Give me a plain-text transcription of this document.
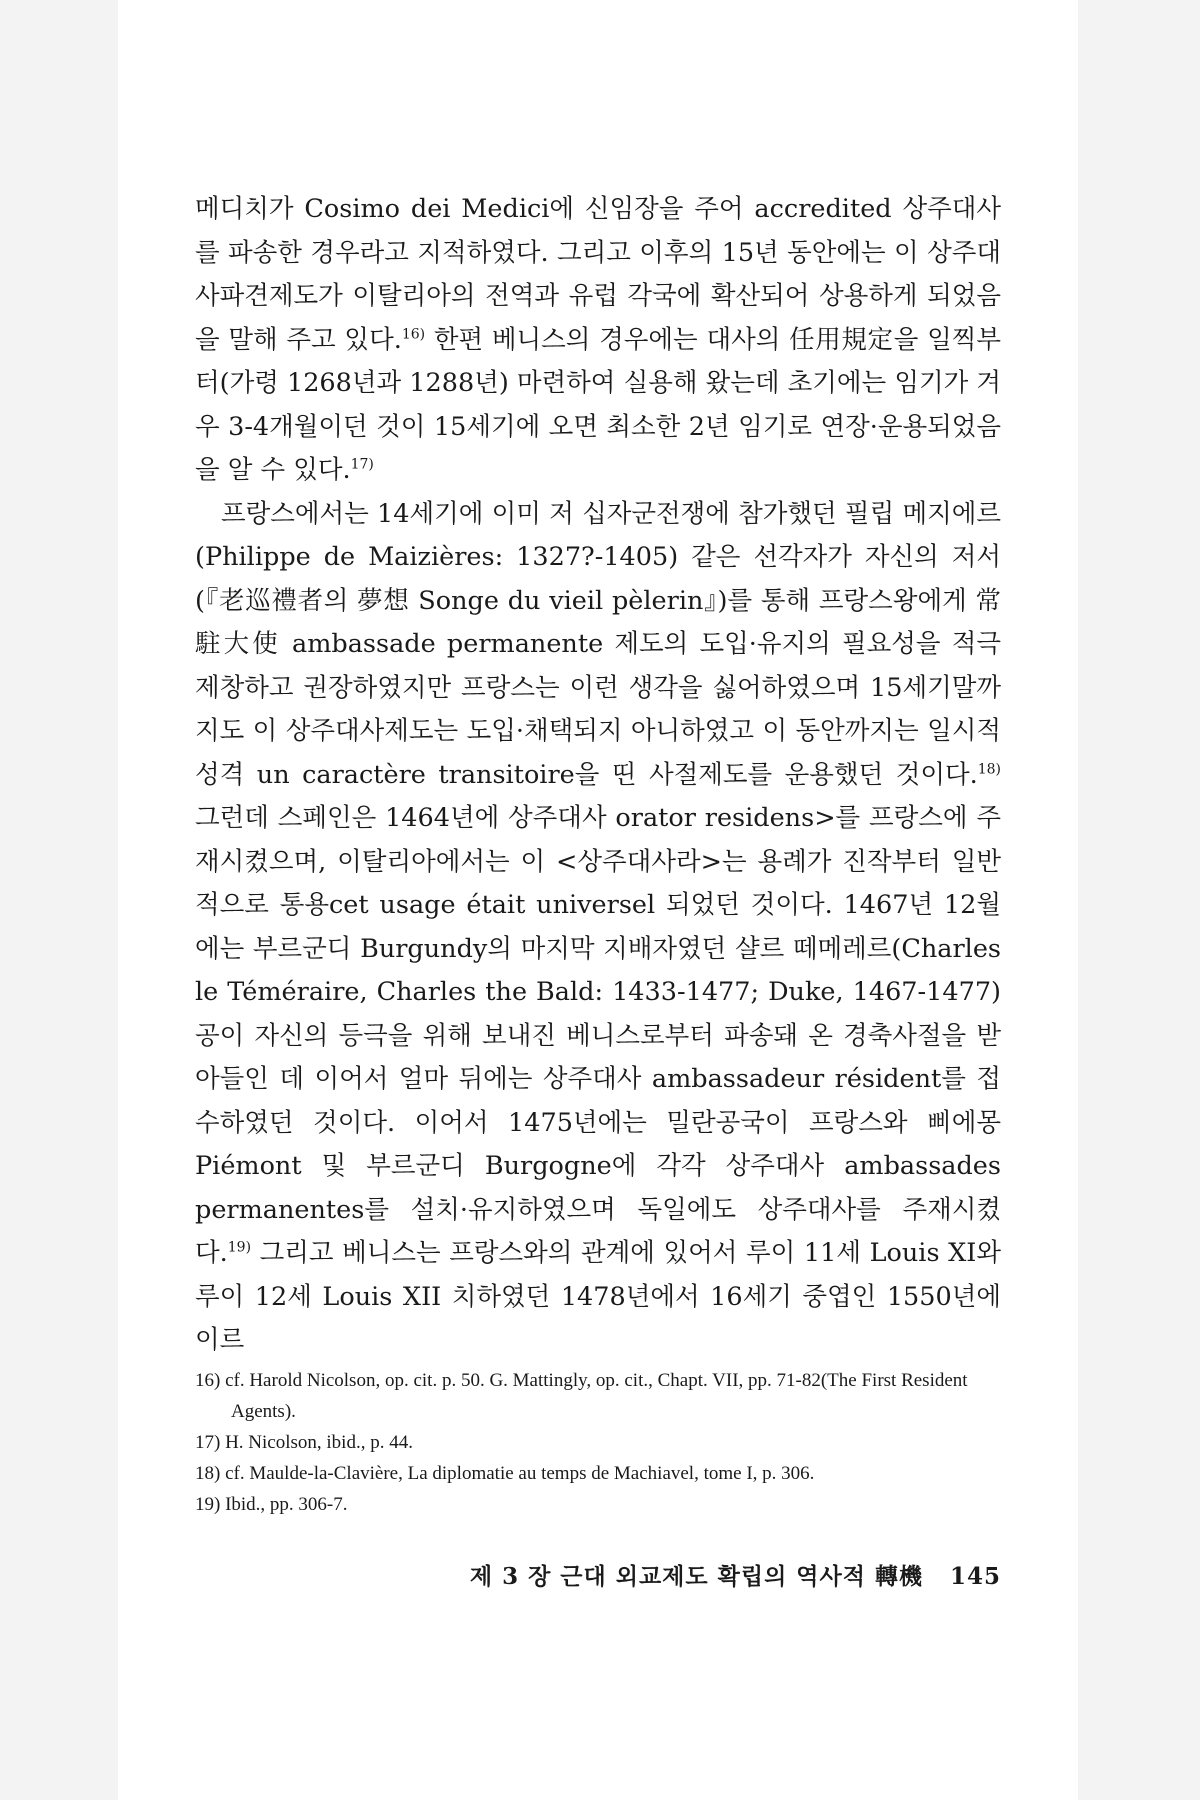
메디치가 Cosimo dei Medici에 신임장을 주어 accredited 상주대사를 파송한 경우라고 지적하였다. 그리고 이후의 15년 동안에는 이 상주대사파견제도가 이탈리아의 전역과 유럽 각국에 확산되어 상용하게 되었음을 말해 주고 있다.$^{16)}$ 한편 베니스의 경우에는 대사의 任用規定을 일찍부터(가령 1268년과 1288년) 마련하여 실용해 왔는데 초기에는 임기가 겨우 3-4개월이던 것이 15세기에 오면 최소한 2년 임기로 연장·운용되었음을 알 수 있다.$^{17)}$

프랑스에서는 14세기에 이미 저 십자군전쟁에 참가했던 필립 메지에르(Philippe de Maizières: 1327?-1405) 같은 선각자가 자신의 저서(『老巡禮者의 夢想 Songe du vieil pèlerin』)를 통해 프랑스왕에게 常駐大使 ambassade permanente 제도의 도입·유지의 필요성을 적극 제창하고 권장하였지만 프랑스는 이런 생각을 싫어하였으며 15세기말까지도 이 상주대사제도는 도입·채택되지 아니하였고 이 동안까지는 일시적 성격 un caractère transitoire을 띤 사절제도를 운용했던 것이다.$^{18)}$ 그런데 스페인은 1464년에 상주대사 orator residens>를 프랑스에 주재시켰으며, 이탈리아에서는 이 <상주대사라>는 용례가 진작부터 일반적으로 통용cet usage était universel 되었던 것이다. 1467년 12월에는 부르군디 Burgundy의 마지막 지배자였던 샬르 떼메레르(Charles le Téméraire, Charles the Bald: 1433-1477; Duke, 1467-1477)공이 자신의 등극을 위해 보내진 베니스로부터 파송돼 온 경축사절을 받아들인 데 이어서 얼마 뒤에는 상주대사 ambassadeur résident를 접수하였던 것이다. 이어서 1475년에는 밀란공국이 프랑스와 삐에몽 Piémont 및 부르군디 Burgogne에 각각 상주대사 ambassades permanentes를 설치·유지하였으며 독일에도 상주대사를 주재시켰다.$^{19)}$ 그리고 베니스는 프랑스와의 관계에 있어서 루이 11세 Louis XI와 루이 12세 Louis XII 치하였던 1478년에서 16세기 중엽인 1550년에 이르

16) cf. Harold Nicolson, op. cit. p. 50. G. Mattingly, op. cit., Chapt. VII, pp. 71-82(The First Resident Agents).

17) H. Nicolson, ibid., p. 44.

18) cf. Maulde-la-Clavière, La diplomatie au temps de Machiavel, tome I, p. 306.

19) Ibid., pp. 306-7.

제 3 장 근대 외교제도 확립의 역사적 轉機 145
